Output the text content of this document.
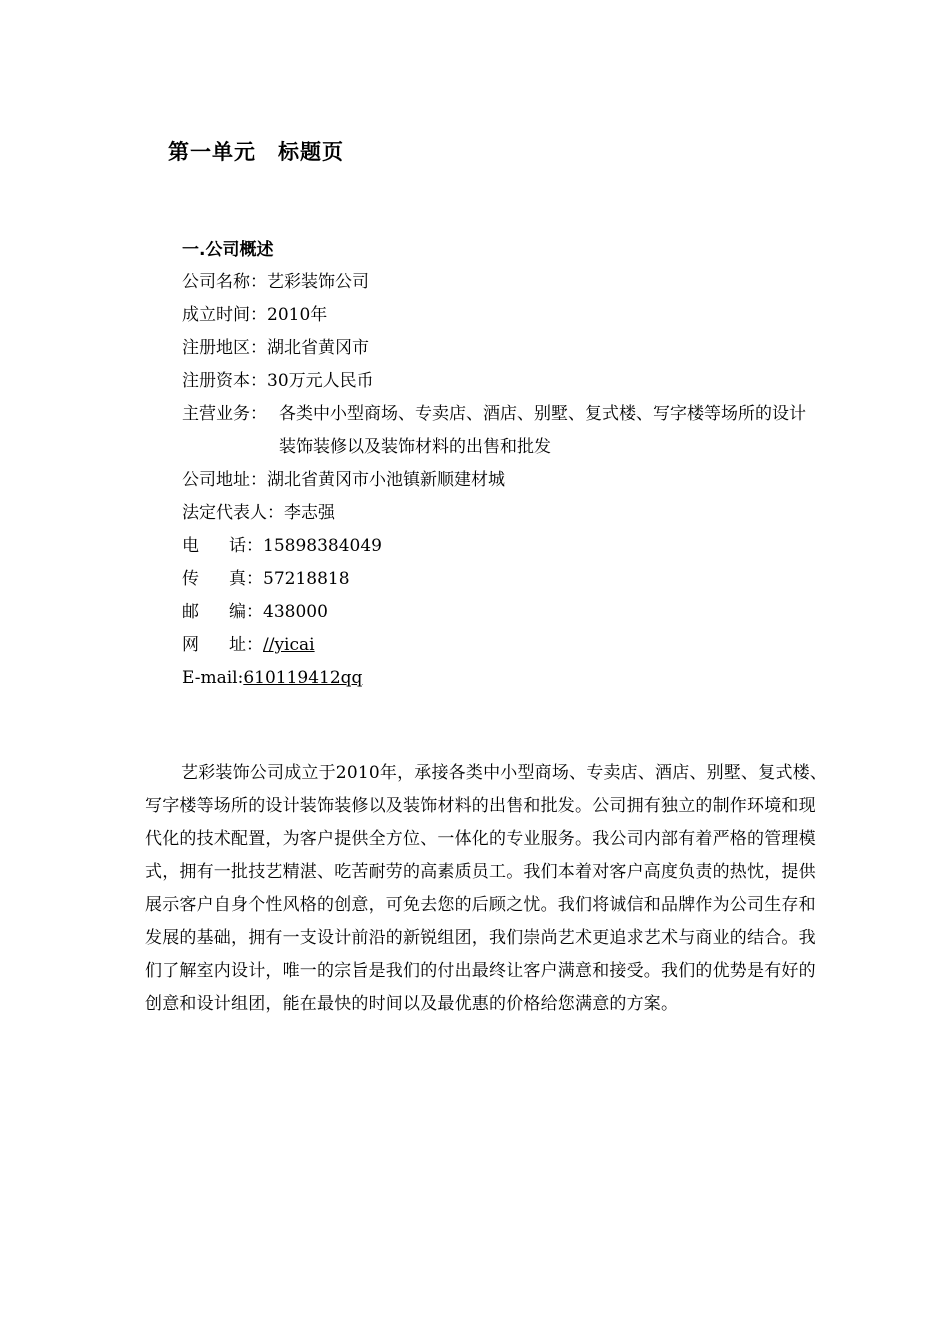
第一单元　标题页
一.公司概述
公司名称：艺彩装饰公司
成立时间：2010年
注册地区：湖北省黄冈市
注册资本：30万元人民币
主营业务： 各类中小型商场、专卖店、酒店、别墅、复式楼、写字楼等场所的设计装饰装修以及装饰材料的出售和批发
公司地址：湖北省黄冈市小池镇新顺建材城
法定代表人：李志强
电 话：15898384049
传 真：57218818
邮 编：438000
网 址：//yicai
E-mail:610119412qq

艺彩装饰公司成立于2010年，承接各类中小型商场、专卖店、酒店、别墅、复式楼、写字楼等场所的设计装饰装修以及装饰材料的出售和批发。公司拥有独立的制作环境和现代化的技术配置，为客户提供全方位、一体化的专业服务。我公司内部有着严格的管理模式，拥有一批技艺精湛、吃苦耐劳的高素质员工。我们本着对客户高度负责的热忱，提供展示客户自身个性风格的创意，可免去您的后顾之忧。我们将诚信和品牌作为公司生存和发展的基础，拥有一支设计前沿的新锐组团，我们崇尚艺术更追求艺术与商业的结合。我们了解室内设计，唯一的宗旨是我们的付出最终让客户满意和接受。我们的优势是有好的创意和设计组团，能在最快的时间以及最优惠的价格给您满意的方案。
